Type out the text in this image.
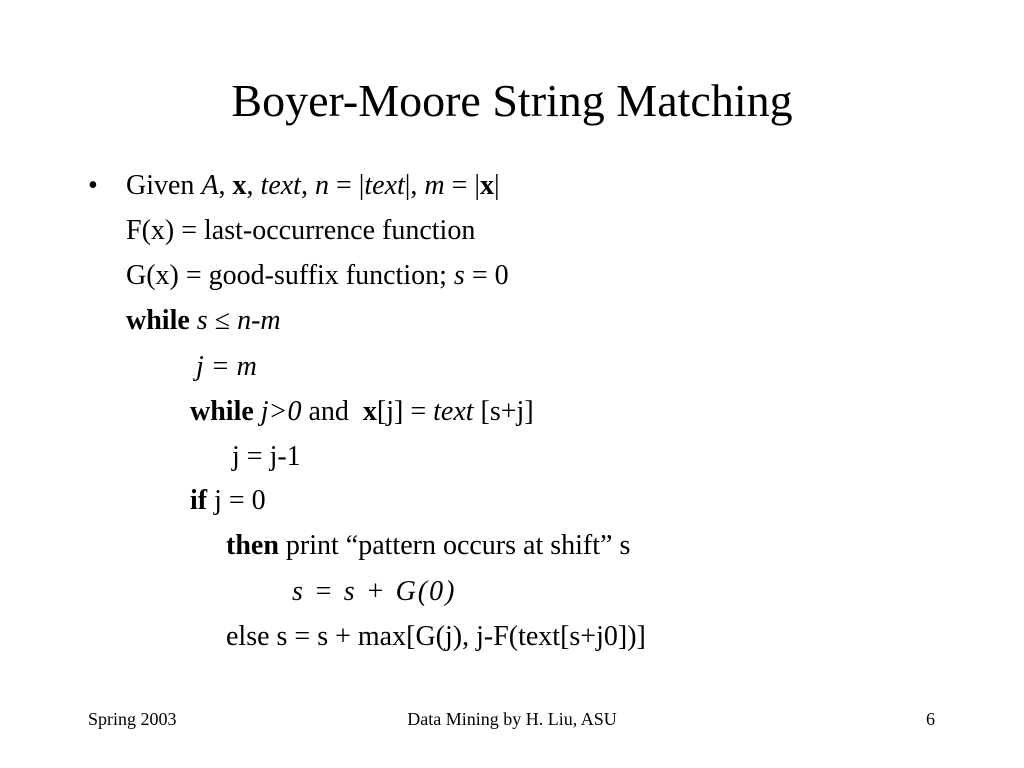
Boyer-Moore String Matching
• Given A, x, text, n = |text|, m = |x|
F(x) = last-occurrence function
G(x) = good-suffix function; s = 0
while s ≤ n-m
j = m
while j>0 and  x[j] = text [s+j]
j = j-1
if j = 0
then print “pattern occurs at shift” s
s = s + G(0)
else s = s + max[G(j), j-F(text[s+j0])]
Spring 2003	Data Mining by H. Liu, ASU	6
